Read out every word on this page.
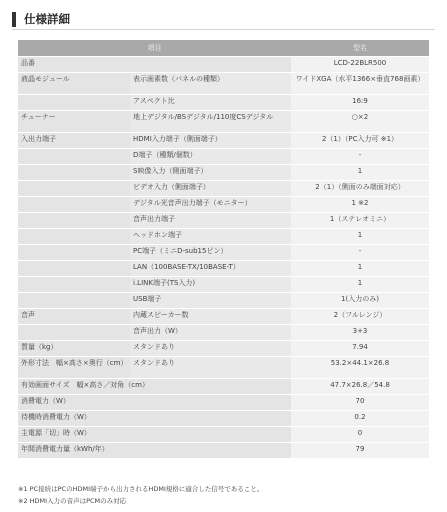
仕様詳細
項目		型名
品番		LCD-22BLR500
液晶モジュール	表示画素数（パネルの種類）	ワイドXGA（水平1366×垂直768画素）
	アスペクト比	16:9
チューナー	地上デジタル/BSデジタル/110度CSデジタル	○×2
入出力端子	HDMI入力端子（側面端子）	2（1）（PC入力可 ※1）
	D端子（種類/個数）	-
	S映像入力（側面端子）	1
	ビデオ入力（側面端子）	2（1）（側面のみ端面対応）
	デジタル光音声出力端子（モニター）	1 ※2
	音声出力端子	1（ステレオミニ）
	ヘッドホン端子	1
	PC端子（ミニD-sub15ピン）	-
	LAN（100BASE-TX/10BASE-T）	1
	i.LINK端子(TS入力)	1
	USB端子	1(入力のみ)
音声	内蔵スピーカー数	2（フルレンジ）
	音声出力（W）	3+3
質量（kg）	スタンドあり	7.94
外形寸法　幅×高さ×奥行（cm）	スタンドあり	53.2×44.1×26.8
有効画面サイズ　幅×高さ／対角（cm）		47.7×26.8／54.8
消費電力（W）		70
待機時消費電力（W）		0.2
主電源「切」時（W）		0
年間消費電力量（kWh/年）		79
※1 PC接続はPCのHDMI端子から出力されるHDMI規格に適合した信号であること。
※2 HDMI入力の音声はPCMのみ対応
